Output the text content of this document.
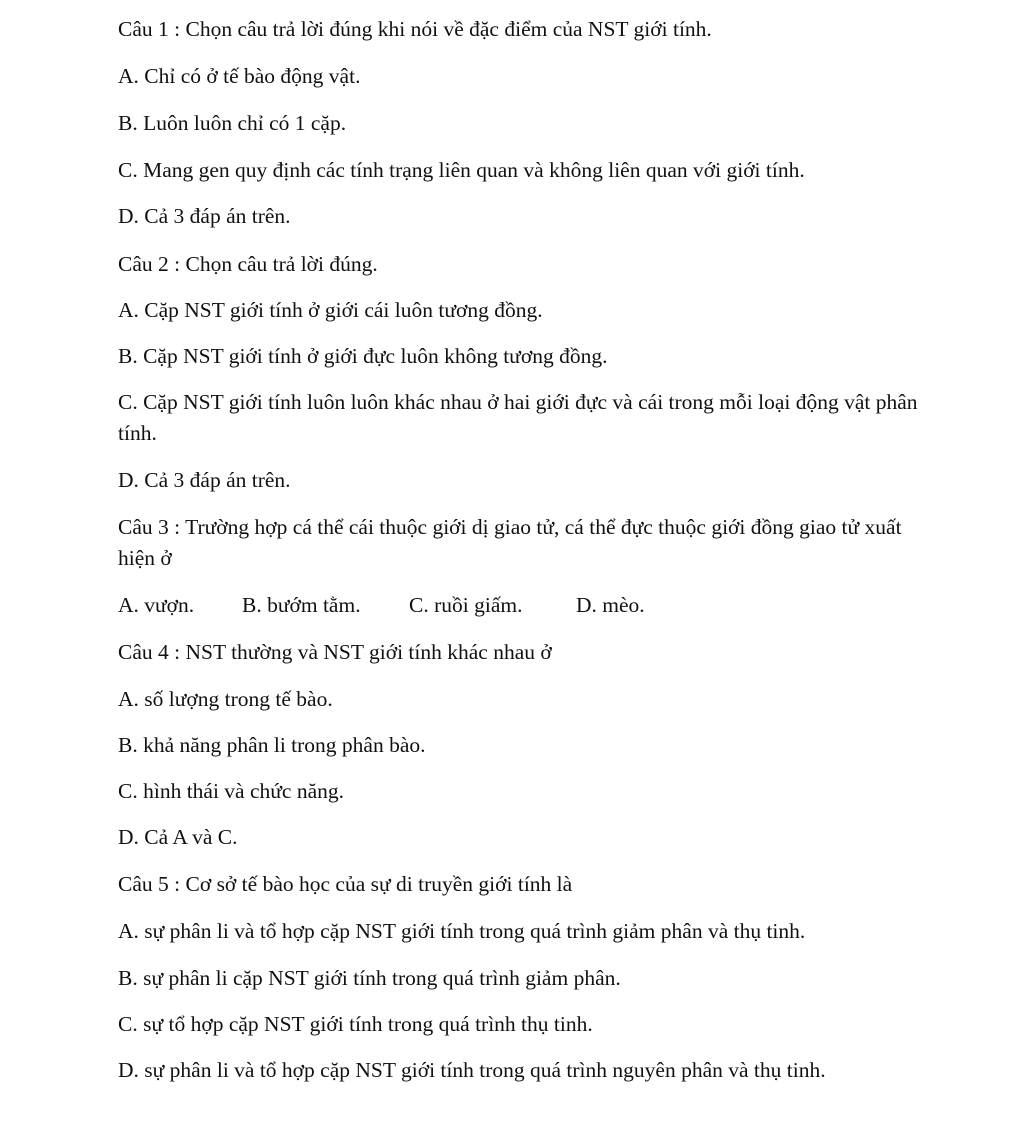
Câu 1 : Chọn câu trả lời đúng khi nói về đặc điểm của NST giới tính.
A. Chỉ có ở tế bào động vật.
B. Luôn luôn chỉ có 1 cặp.
C. Mang gen quy định các tính trạng liên quan và không liên quan với giới tính.
D. Cả 3 đáp án trên.
Câu 2 : Chọn câu trả lời đúng.
A. Cặp NST giới tính ở giới cái luôn tương đồng.
B. Cặp NST giới tính ở giới đực luôn không tương đồng.
C. Cặp NST giới tính luôn luôn khác nhau ở hai giới đực và cái trong mỗi loại động vật phân tính.
D. Cả 3 đáp án trên.
Câu 3 : Trường hợp cá thể cái thuộc giới dị giao tử, cá thể đực thuộc giới đồng giao tử xuất hiện ở
A. vượn.	B. bướm tằm.	C. ruồi giấm.	D. mèo.
Câu 4 : NST thường và NST giới tính khác nhau ở
A. số lượng trong tế bào.
B. khả năng phân li trong phân bào.
C. hình thái và chức năng.
D. Cả A và C.
Câu 5 : Cơ sở tế bào học của sự di truyền giới tính là
A. sự phân li và tổ hợp cặp NST giới tính trong quá trình giảm phân và thụ tinh.
B. sự phân li cặp NST giới tính trong quá trình giảm phân.
C. sự tổ hợp cặp NST giới tính trong quá trình thụ tinh.
D. sự phân li và tổ hợp cặp NST giới tính trong quá trình nguyên phân và thụ tinh.
